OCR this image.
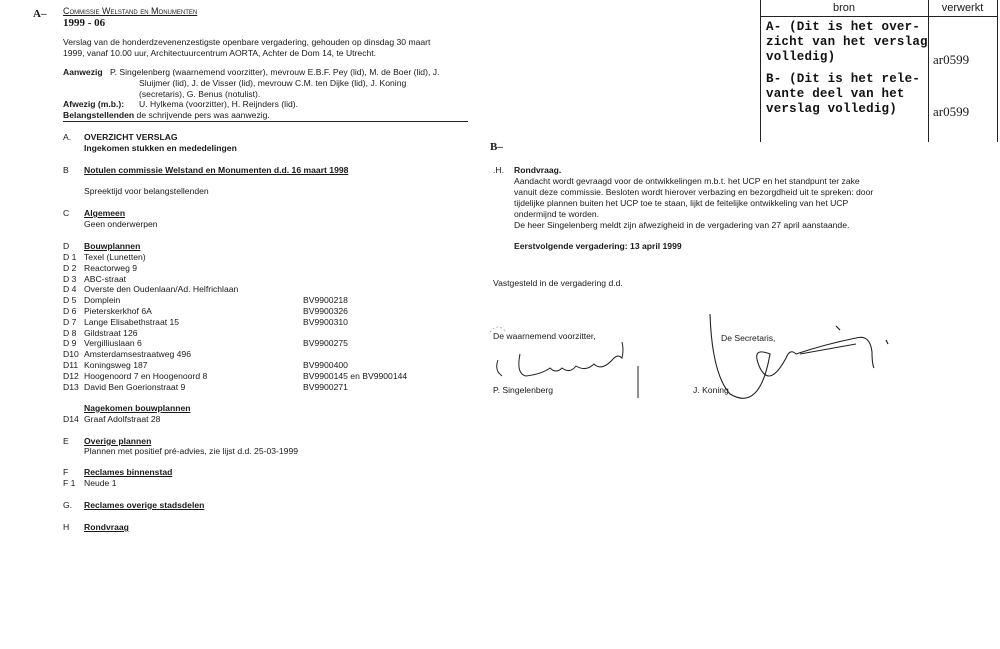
A– Commissie Welstand en Monumenten
1999 - 06
Verslag van de honderdzevenenzestigste openbare vergadering, gehouden op dinsdag 30 maart
1999, vanaf 10.00 uur, Architectuurcentrum AORTA, Achter de Dom 14, te Utrecht.
Aanwezig P. Singelenberg (waarnemend voorzitter), mevrouw E.B.F. Pey (lid), M. de Boer (lid), J.
Sluijmer (lid), J. de Visser (lid), mevrouw C.M. ten Dijke (lid), J. Koning
(secretaris), G. Benus (notulist).
Afwezig (m.b.): U. Hylkema (voorzitter), H. Reijnders (lid).
Belangstellenden de schrijvende pers was aanwezig.
A. OVERZICHT VERSLAG
Ingekomen stukken en mededelingen
B Notulen commissie Welstand en Monumenten d.d. 16 maart 1998
Spreektijd voor belangstellenden
C Algemeen
Geen onderwerpen
D Bouwplannen
D 1 Texel (Lunetten)
D 2 Reactorweg 9
D 3 ABC-straat
D 4 Overste den Oudenlaan/Ad. Helfrichlaan
D 5 Domplein	BV9900218
D 6 Pieterskerkhof 6A	BV9900326
D 7 Lange Elisabethstraat 15	BV9900310
D 8 Gildstraat 126
D 9 Vergilliuslaan 6	BV9900275
D10 Amsterdamsestraatweg 496
D11 Koningsweg 187	BV9900400
D12 Hoogenoord 7 en Hoogenoord 8	BV9900145 en BV9900144
D13 David Ben Goerionstraat 9	BV9900271
Nagekomen bouwplannen
D14 Graaf Adolfstraat 28
E Overige plannen
Plannen met positief pré-advies, zie lijst d.d. 25-03-1999
F Reclames binnenstad
F 1 Neude 1
G. Reclames overige stadsdelen
H Rondvraag
B–
.H. Rondvraag.
Aandacht wordt gevraagd voor de ontwikkelingen m.b.t. het UCP en het standpunt ter zake
vanuit deze commissie. Besloten wordt hierover verbazing en bezorgdheid uit te spreken: door
tijdelijke plannen buiten het UCP toe te staan, lijkt de feitelijke ontwikkeling van het UCP
ondermijnd te worden.
De heer Singelenberg meldt zijn afwezigheid in de vergadering van 27 april aanstaande.
Eerstvolgende vergadering: 13 april 1999
Vastgesteld in de vergadering d.d.
De waarnemend voorzitter,
P. Singelenberg
De Secretaris,
J. Koning
bron	verwerkt
A- (Dit is het over-
zicht van het verslag
volledig)	ar0599
B- (Dit is het rele-
vante deel van het
verslag volledig)	ar0599
